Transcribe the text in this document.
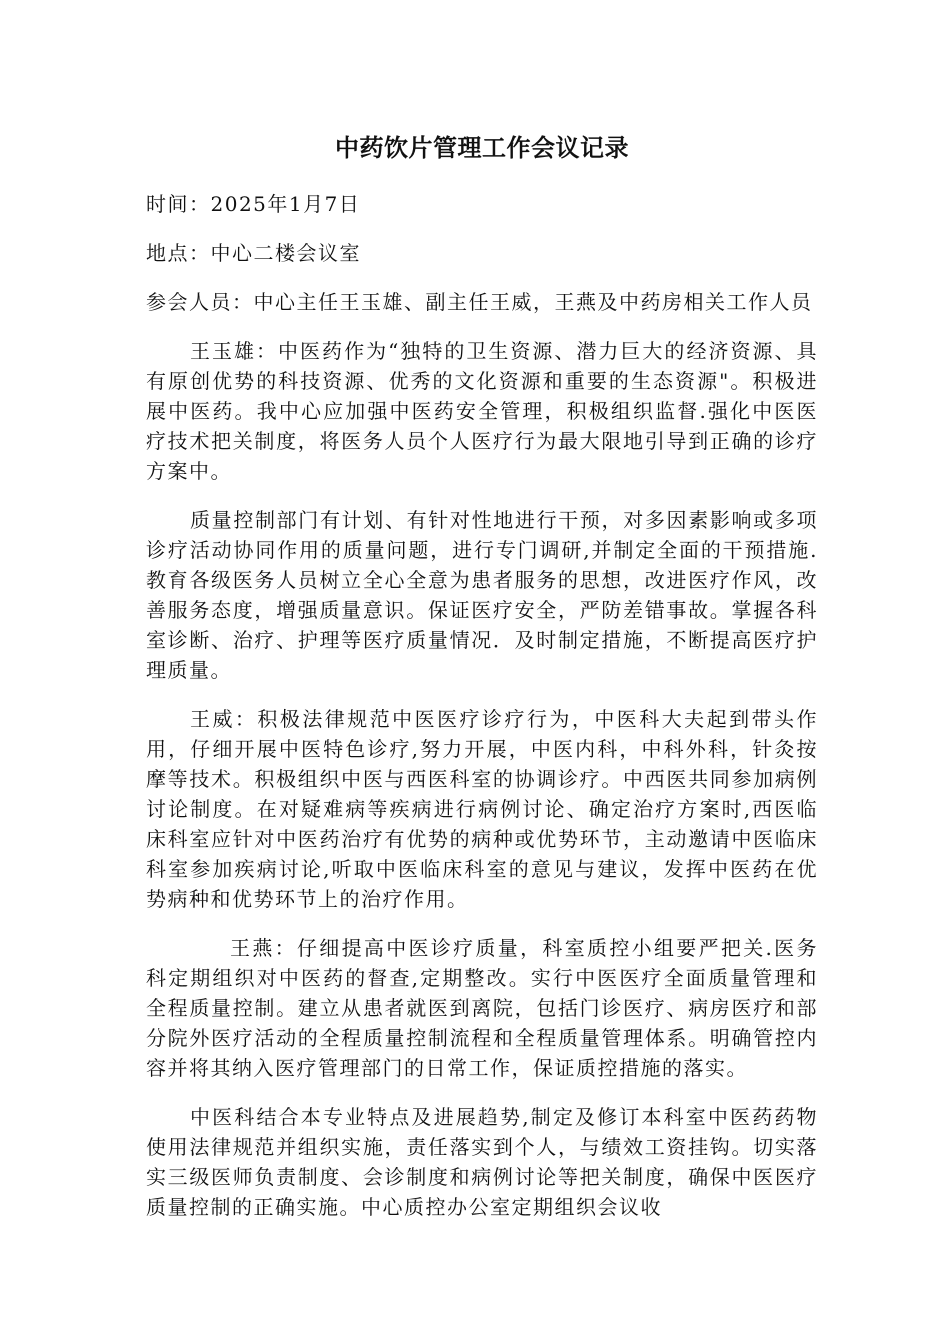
中药饮片管理工作会议记录

时间：2025年1月7日

地点：中心二楼会议室

参会人员：中心主任王玉雄、副主任王威，王燕及中药房相关工作人员

王玉雄：中医药作为“独特的卫生资源、潜力巨大的经济资源、具有原创优势的科技资源、优秀的文化资源和重要的生态资源"。积极进展中医药。我中心应加强中医药安全管理，积极组织监督.强化中医医疗技术把关制度，将医务人员个人医疗行为最大限地引导到正确的诊疗方案中。

质量控制部门有计划、有针对性地进行干预，对多因素影响或多项诊疗活动协同作用的质量问题，进行专门调研,并制定全面的干预措施.教育各级医务人员树立全心全意为患者服务的思想，改进医疗作风，改善服务态度，增强质量意识。保证医疗安全，严防差错事故。掌握各科室诊断、治疗、护理等医疗质量情况．及时制定措施，不断提高医疗护理质量。

王威：积极法律规范中医医疗诊疗行为，中医科大夫起到带头作用，仔细开展中医特色诊疗,努力开展，中医内科，中科外科，针灸按摩等技术。积极组织中医与西医科室的协调诊疗。中西医共同参加病例讨论制度。在对疑难病等疾病进行病例讨论、确定治疗方案时,西医临床科室应针对中医药治疗有优势的病种或优势环节，主动邀请中医临床科室参加疾病讨论,听取中医临床科室的意见与建议，发挥中医药在优势病种和优势环节上的治疗作用。

王燕：仔细提高中医诊疗质量，科室质控小组要严把关.医务科定期组织对中医药的督查,定期整改。实行中医医疗全面质量管理和全程质量控制。建立从患者就医到离院，包括门诊医疗、病房医疗和部分院外医疗活动的全程质量控制流程和全程质量管理体系。明确管控内容并将其纳入医疗管理部门的日常工作，保证质控措施的落实。

中医科结合本专业特点及进展趋势,制定及修订本科室中医药药物使用法律规范并组织实施，责任落实到个人，与绩效工资挂钩。切实落实三级医师负责制度、会诊制度和病例讨论等把关制度，确保中医医疗质量控制的正确实施。中心质控办公室定期组织会议收
